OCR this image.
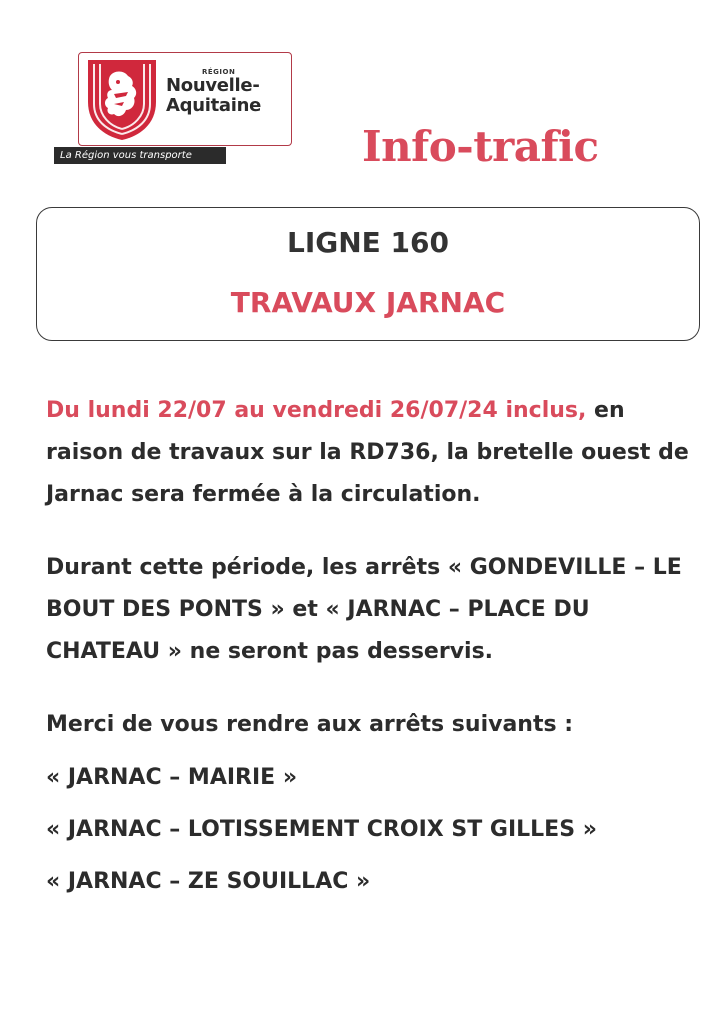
RÉGION
Nouvelle-
Aquitaine
La Région vous transporte	Info-trafic
LIGNE 160
TRAVAUX JARNAC

Du lundi 22/07 au vendredi 26/07/24 inclus, en raison de travaux sur la RD736, la bretelle ouest de Jarnac sera fermée à la circulation.

Durant cette période, les arrêts « GONDEVILLE – LE BOUT DES PONTS » et « JARNAC – PLACE DU CHATEAU » ne seront pas desservis.

Merci de vous rendre aux arrêts suivants :

« JARNAC – MAIRIE »
« JARNAC – LOTISSEMENT CROIX ST GILLES »
« JARNAC – ZE SOUILLAC »
